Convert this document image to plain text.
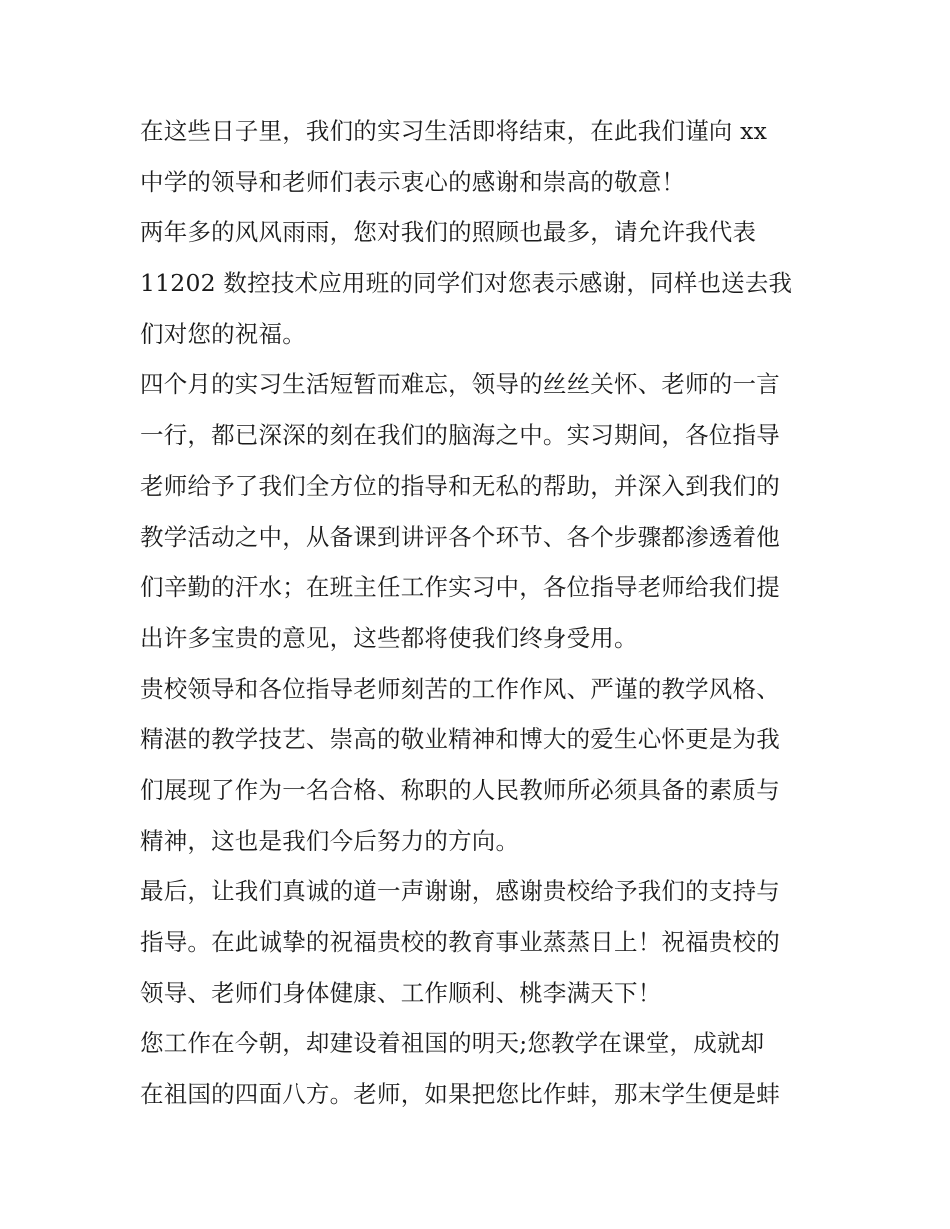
在这些日子里，我们的实习生活即将结束，在此我们谨向 xx
中学的领导和老师们表示衷心的感谢和崇高的敬意！
两年多的风风雨雨，您对我们的照顾也最多，请允许我代表
11202 数控技术应用班的同学们对您表示感谢，同样也送去我
们对您的祝福。
四个月的实习生活短暂而难忘，领导的丝丝关怀、老师的一言
一行，都已深深的刻在我们的脑海之中。实习期间，各位指导
老师给予了我们全方位的指导和无私的帮助，并深入到我们的
教学活动之中，从备课到讲评各个环节、各个步骤都渗透着他
们辛勤的汗水；在班主任工作实习中，各位指导老师给我们提
出许多宝贵的意见，这些都将使我们终身受用。
贵校领导和各位指导老师刻苦的工作作风、严谨的教学风格、
精湛的教学技艺、崇高的敬业精神和博大的爱生心怀更是为我
们展现了作为一名合格、称职的人民教师所必须具备的素质与
精神，这也是我们今后努力的方向。
最后，让我们真诚的道一声谢谢，感谢贵校给予我们的支持与
指导。在此诚挚的祝福贵校的教育事业蒸蒸日上！祝福贵校的
领导、老师们身体健康、工作顺利、桃李满天下！
您工作在今朝，却建设着祖国的明天;您教学在课堂，成就却
在祖国的四面八方。老师，如果把您比作蚌，那末学生便是蚌
